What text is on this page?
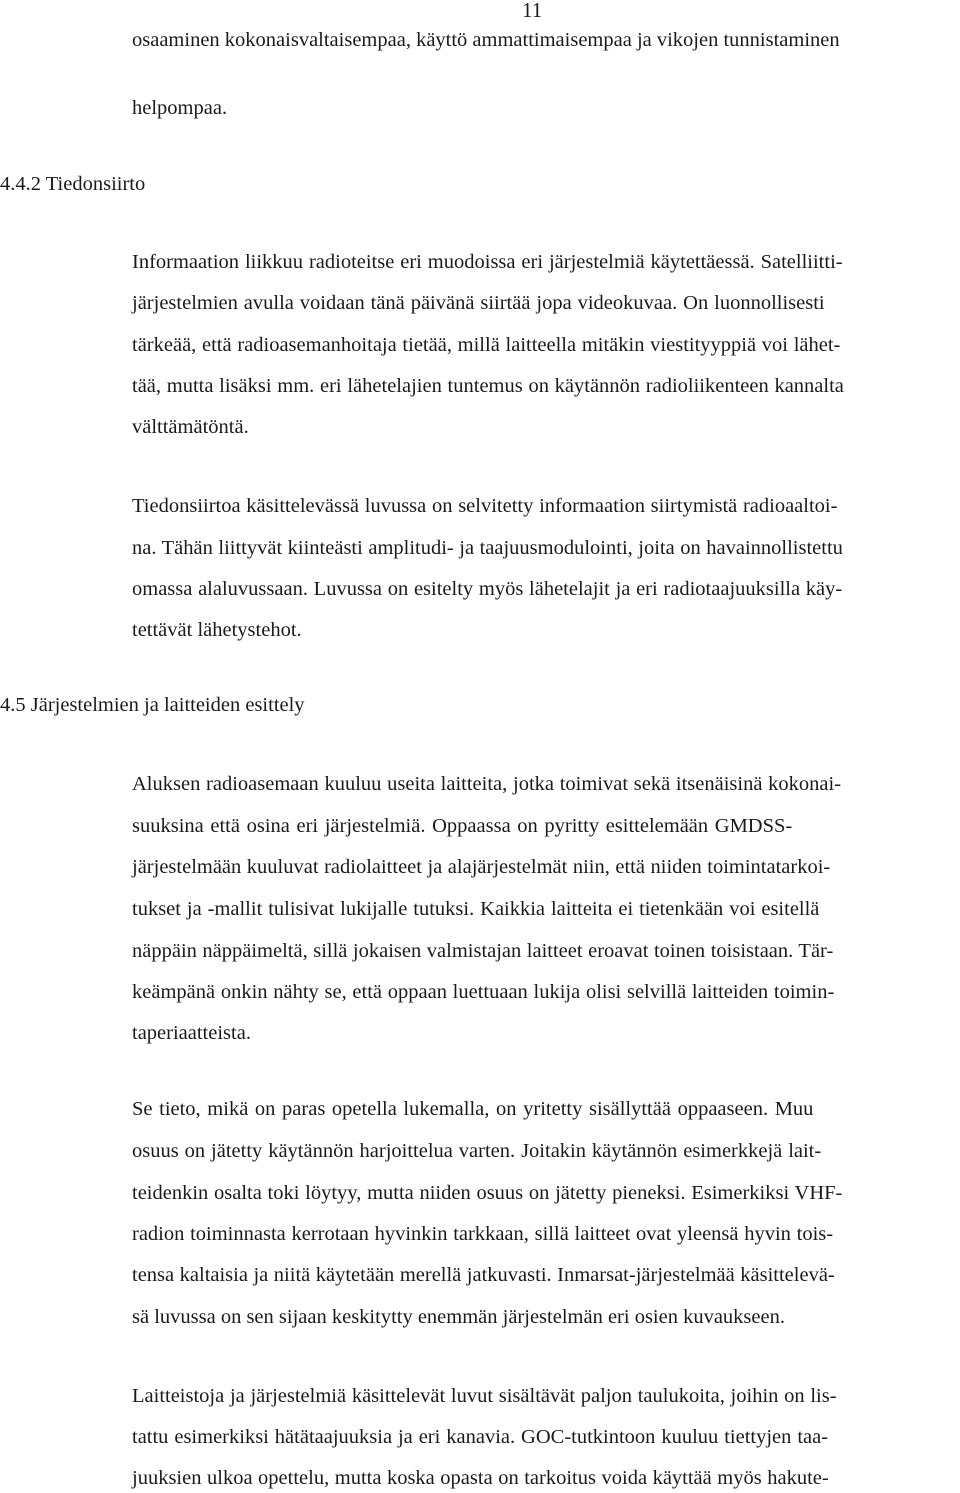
11

osaaminen kokonaisvaltaisempaa, käyttö ammattimaisempaa ja vikojen tunnistaminen

helpompaa.

4.4.2 Tiedonsiirto

Informaation liikkuu radioteitse eri muodoissa eri järjestelmiä käytettäessä. Satelliitti-

järjestelmien avulla voidaan tänä päivänä siirtää jopa videokuvaa. On luonnollisesti

tärkeää, että radioasemanhoitaja tietää, millä laitteella mitäkin viestityyppiä voi lähet-

tää, mutta lisäksi mm. eri lähetelajien tuntemus on käytännön radioliikenteen kannalta

välttämätöntä.

Tiedonsiirtoa käsittelevässä luvussa on selvitetty informaation siirtymistä radioaaltoi-

na. Tähän liittyvät kiinteästi amplitudi- ja taajuusmodulointi, joita on havainnollistettu

omassa alaluvussaan. Luvussa on esitelty myös lähetelajit ja eri radiotaajuuksilla käy-

tettävät lähetystehot.

4.5 Järjestelmien ja laitteiden esittely

Aluksen radioasemaan kuuluu useita laitteita, jotka toimivat sekä itsenäisinä kokonai-

suuksina että osina eri järjestelmiä. Oppaassa on pyritty esittelemään GMDSS-

järjestelmään kuuluvat radiolaitteet ja alajärjestelmät niin, että niiden toimintatarkoi-

tukset ja -mallit tulisivat lukijalle tutuksi. Kaikkia laitteita ei tietenkään voi esitellä

näppäin näppäimeltä, sillä jokaisen valmistajan laitteet eroavat toinen toisistaan. Tär-

keämpänä onkin nähty se, että oppaan luettuaan lukija olisi selvillä laitteiden toimin-

taperiaatteista.

Se tieto, mikä on paras opetella lukemalla, on yritetty sisällyttää oppaaseen. Muu

osuus on jätetty käytännön harjoittelua varten. Joitakin käytännön esimerkkejä lait-

teidenkin osalta toki löytyy, mutta niiden osuus on jätetty pieneksi. Esimerkiksi VHF-

radion toiminnasta kerrotaan hyvinkin tarkkaan, sillä laitteet ovat yleensä hyvin tois-

tensa kaltaisia ja niitä käytetään merellä jatkuvasti. Inmarsat-järjestelmää käsittelevä-

sä luvussa on sen sijaan keskitytty enemmän järjestelmän eri osien kuvaukseen.

Laitteistoja ja järjestelmiä käsittelevät luvut sisältävät paljon taulukoita, joihin on lis-

tattu esimerkiksi hätätaajuuksia ja eri kanavia. GOC-tutkintoon kuuluu tiettyjen taa-

juuksien ulkoa opettelu, mutta koska opasta on tarkoitus voida käyttää myös hakute-
